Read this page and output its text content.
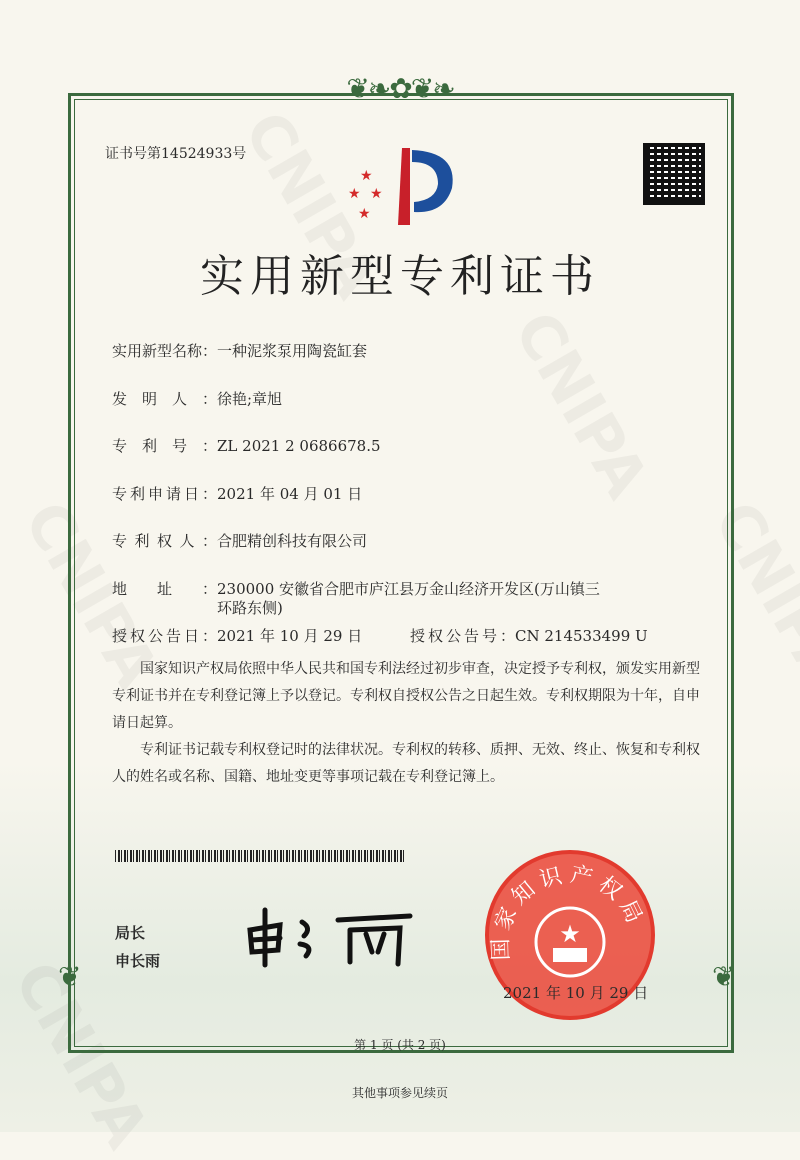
❦❧✿❦❧
❦	❦
证书号第14524933号
★
★ ★
★
实用新型专利证书
实用新型名称：一种泥浆泵用陶瓷缸套
发明人：徐艳;章旭
专利号：ZL 2021 2 0686678.5
专利申请日：2021 年 04 月 01 日
专利权人：合肥精创科技有限公司
地址：230000 安徽省合肥市庐江县万金山经济开发区(万山镇三
环路东侧)
授权公告日：2021 年 10 月 29 日	授权公告号：CN 214533499 U
国家知识产权局依照中华人民共和国专利法经过初步审查，决定授予专利权，颁发实用新型专利证书并在专利登记簿上予以登记。专利权自授权公告之日起生效。专利权期限为十年，自申请日起算。
专利证书记载专利权登记时的法律状况。专利权的转移、质押、无效、终止、恢复和专利权人的姓名或名称、国籍、地址变更等事项记载在专利登记簿上。
局长
申长雨
国家知识产权局
★
2021 年 10 月 29 日
第 1 页 (共 2 页)
其他事项参见续页
